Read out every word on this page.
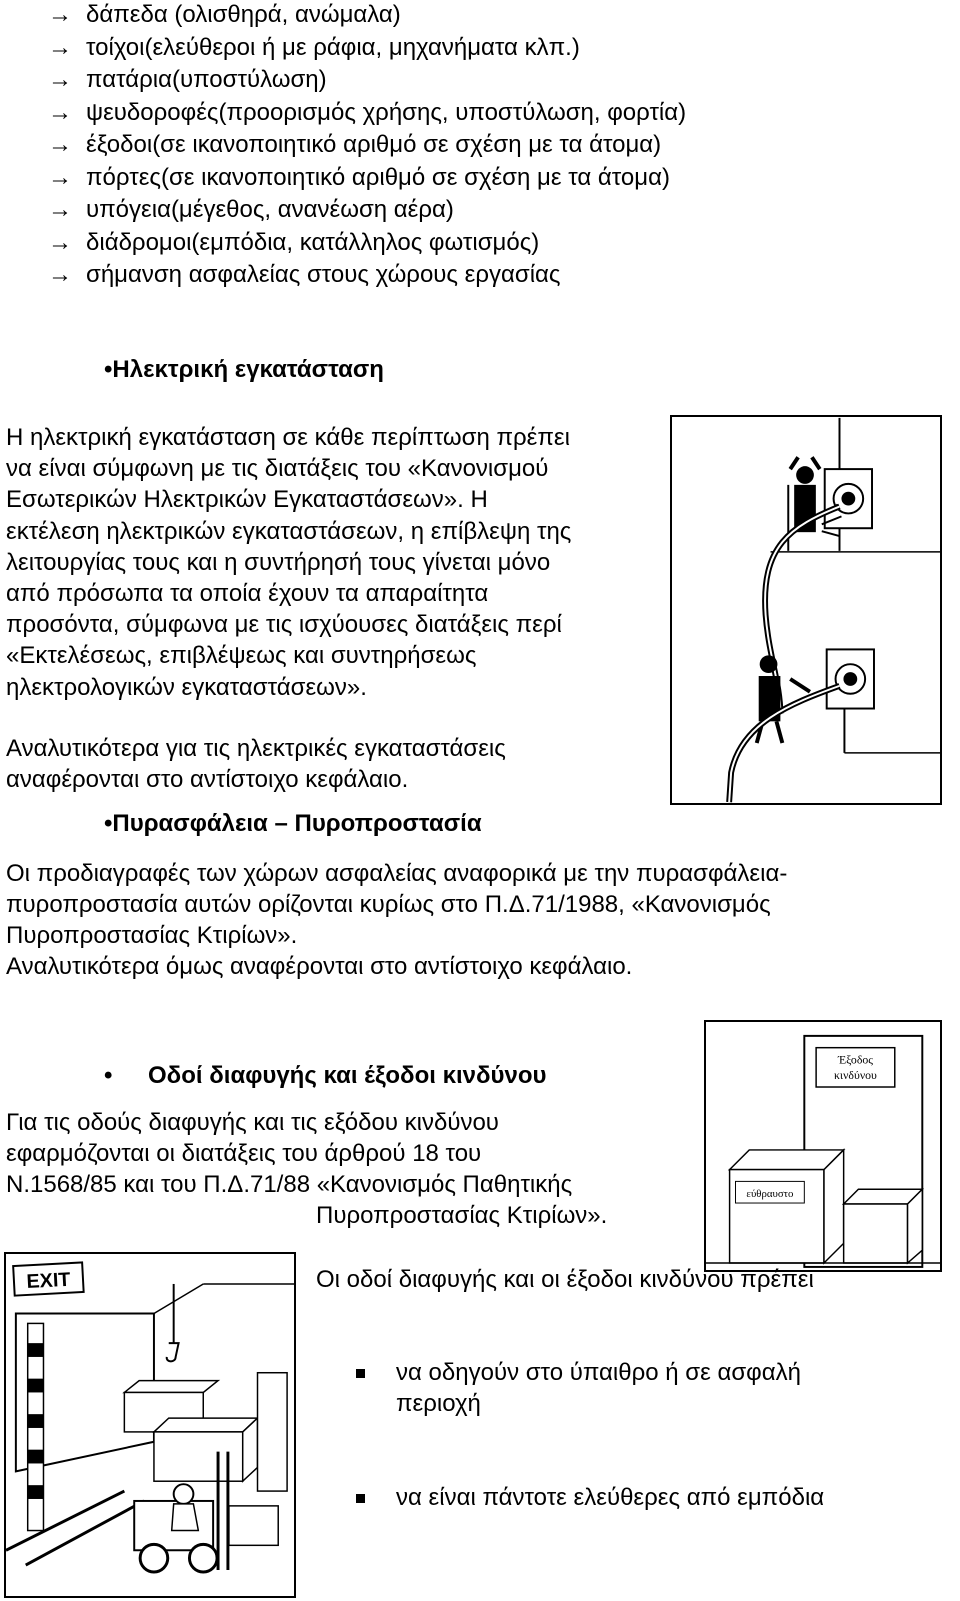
→ δάπεδα (ολισθηρά, ανώμαλα)
→ τοίχοι(ελεύθεροι ή με ράφια, μηχανήματα κλπ.)
→ πατάρια(υποστύλωση)
→ ψευδοροφές(προορισμός χρήσης, υποστύλωση, φορτία)
→ έξοδοι(σε ικανοποιητικό αριθμό σε σχέση με τα άτομα)
→ πόρτες(σε ικανοποιητικό αριθμό σε σχέση με τα άτομα)
→ υπόγεια(μέγεθος, ανανέωση αέρα)
→ διάδρομοι(εμπόδια, κατάλληλος φωτισμός)
→ σήμανση ασφαλείας στους χώρους εργασίας
•Ηλεκτρική εγκατάσταση
Η ηλεκτρική εγκατάσταση σε κάθε περίπτωση πρέπει
να είναι σύμφωνη με τις διατάξεις του «Κανονισμού
Εσωτερικών Ηλεκτρικών Εγκαταστάσεων». Η
εκτέλεση ηλεκτρικών εγκαταστάσεων, η επίβλεψη της
λειτουργίας τους και η συντήρησή τους γίνεται μόνο
από πρόσωπα τα οποία έχουν τα απαραίτητα
προσόντα, σύμφωνα με τις ισχύουσες διατάξεις περί
«Εκτελέσεως, επιβλέψεως και συντηρήσεως
ηλεκτρολογικών εγκαταστάσεων».
Αναλυτικότερα για τις ηλεκτρικές εγκαταστάσεις
αναφέρονται στο αντίστοιχο κεφάλαιο.
•Πυρασφάλεια – Πυροπροστασία
Οι προδιαγραφές των χώρων ασφαλείας αναφορικά με την πυρασφάλεια-
πυροπροστασία αυτών ορίζονται κυρίως στο Π.Δ.71/1988, «Κανονισμός
Πυροπροστασίας Κτιρίων».
Αναλυτικότερα όμως αναφέρονται στο αντίστοιχο κεφάλαιο.
• Οδοί διαφυγής και έξοδοι κινδύνου
Για τις οδούς διαφυγής και τις εξόδου κινδύνου
εφαρμόζονται οι διατάξεις του άρθρού 18 του
Ν.1568/85 και του Π.Δ.71/88 «Κανονισμός Παθητικής
Πυροπροστασίας Κτιρίων».
Έξοδος
κινδύνου
εύθραυστο
EXIT	Οι οδοί διαφυγής και οι έξοδοι κινδύνου πρέπει
να οδηγούν στο ύπαιθρο ή σε ασφαλή
περιοχή
να είναι πάντοτε ελεύθερες από εμπόδια
